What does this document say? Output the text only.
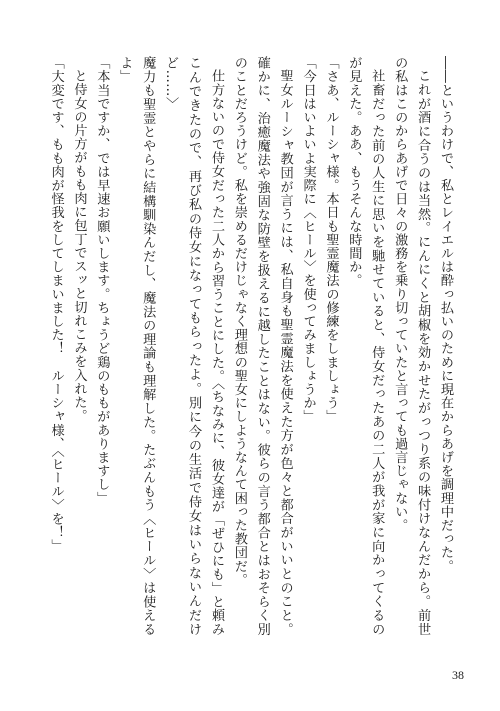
――というわけで、私とレイエルは酔っ払いのために現在からあげを調理中だった。

これが酒に合うのは当然。にんにくと胡椒を効かせたがっつり系の味付けなんだから。前世の私はこのからあげで日々の激務を乗り切っていたと言っても過言じゃない。

社畜だった前の人生に思いを馳せていると、侍女だったあの二人が我が家に向かってくるのが見えた。ああ、もうそんな時間か。

「さあ、ルーシャ様。本日も聖霊魔法の修練をしましょう」

「今日はいよいよ実際に〈ヒール〉を使ってみましょうか」

聖女ルーシャ教団が言うには、私自身も聖霊魔法を使えた方が色々と都合がいいとのこと。確かに、治癒魔法や強固な防壁を扱えるに越したことはない。彼らの言う都合とはおそらく別のことだろうけど。私を崇めるだけじゃなく理想の聖女にしようなんて困った教団だ。

仕方ないので侍女だった二人から習うことにした。〈ちなみに、彼女達が「ぜひにも」と頼みこんできたので、再び私の侍女になってもらったよ。別に今の生活で侍女はいらないんだけど……〉

魔力も聖霊とやらに結構馴染んだし、魔法の理論も理解した。たぶんもう〈ヒール〉は使えるよ」

「本当ですか、では早速お願いします。ちょうど鶏のももがありますし」

と侍女の片方がもも肉に包丁でスッと切れこみを入れた。

「大変です、もも肉が怪我をしてしまいました！　ルーシャ様、〈ヒール〉を！」

38
